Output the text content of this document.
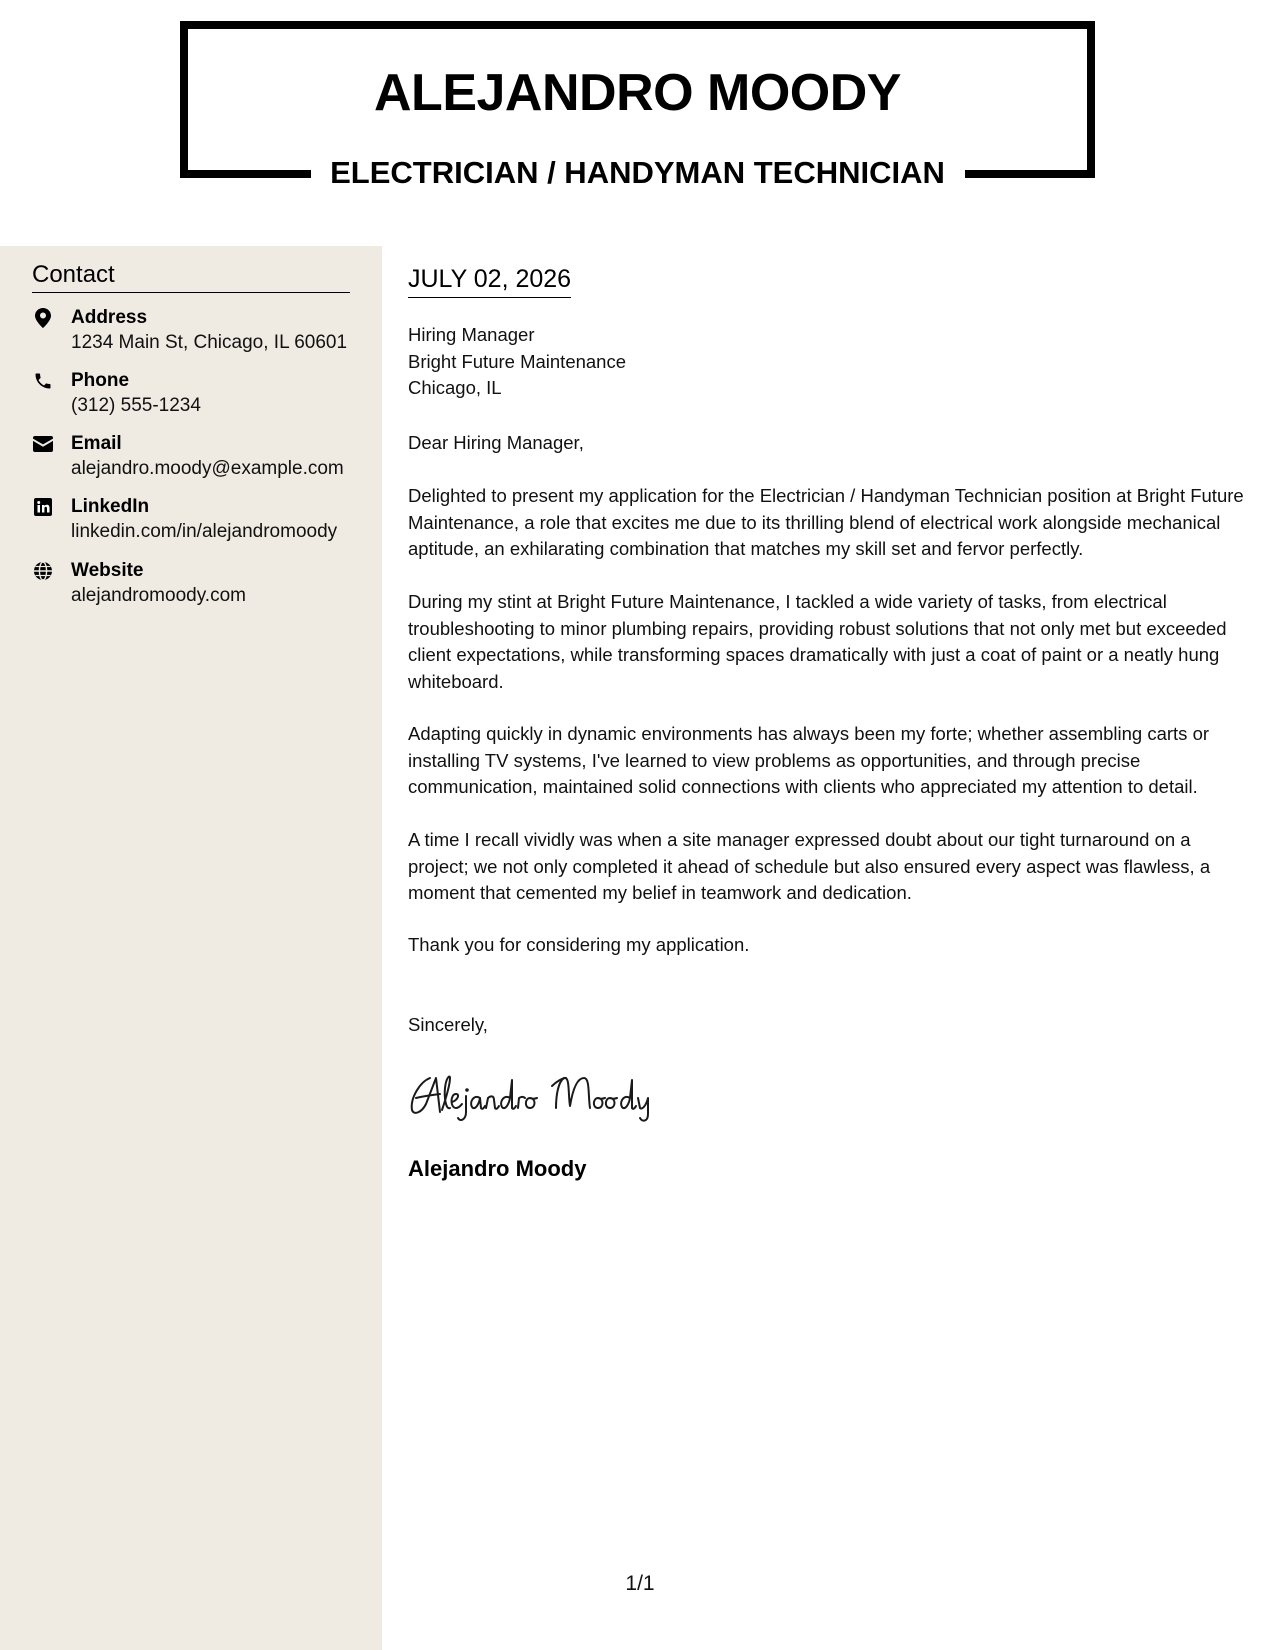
ALEJANDRO MOODY
ELECTRICIAN / HANDYMAN TECHNICIAN
Contact
Address
1234 Main St, Chicago, IL 60601
Phone
(312) 555-1234
Email
alejandro.moody@example.com
LinkedIn
linkedin.com/in/alejandromoody
Website
alejandromoody.com
JULY 02, 2026
Hiring Manager
Bright Future Maintenance
Chicago, IL

Dear Hiring Manager,

Delighted to present my application for the Electrician / Handyman Technician position at Bright Future Maintenance, a role that excites me due to its thrilling blend of electrical work alongside mechanical aptitude, an exhilarating combination that matches my skill set and fervor perfectly.

During my stint at Bright Future Maintenance, I tackled a wide variety of tasks, from electrical troubleshooting to minor plumbing repairs, providing robust solutions that not only met but exceeded client expectations, while transforming spaces dramatically with just a coat of paint or a neatly hung whiteboard.

Adapting quickly in dynamic environments has always been my forte; whether assembling carts or installing TV systems, I've learned to view problems as opportunities, and through precise communication, maintained solid connections with clients who appreciated my attention to detail.

A time I recall vividly was when a site manager expressed doubt about our tight turnaround on a project; we not only completed it ahead of schedule but also ensured every aspect was flawless, a moment that cemented my belief in teamwork and dedication.

Thank you for considering my application.

Sincerely,

Alejandro Moody
1/1
